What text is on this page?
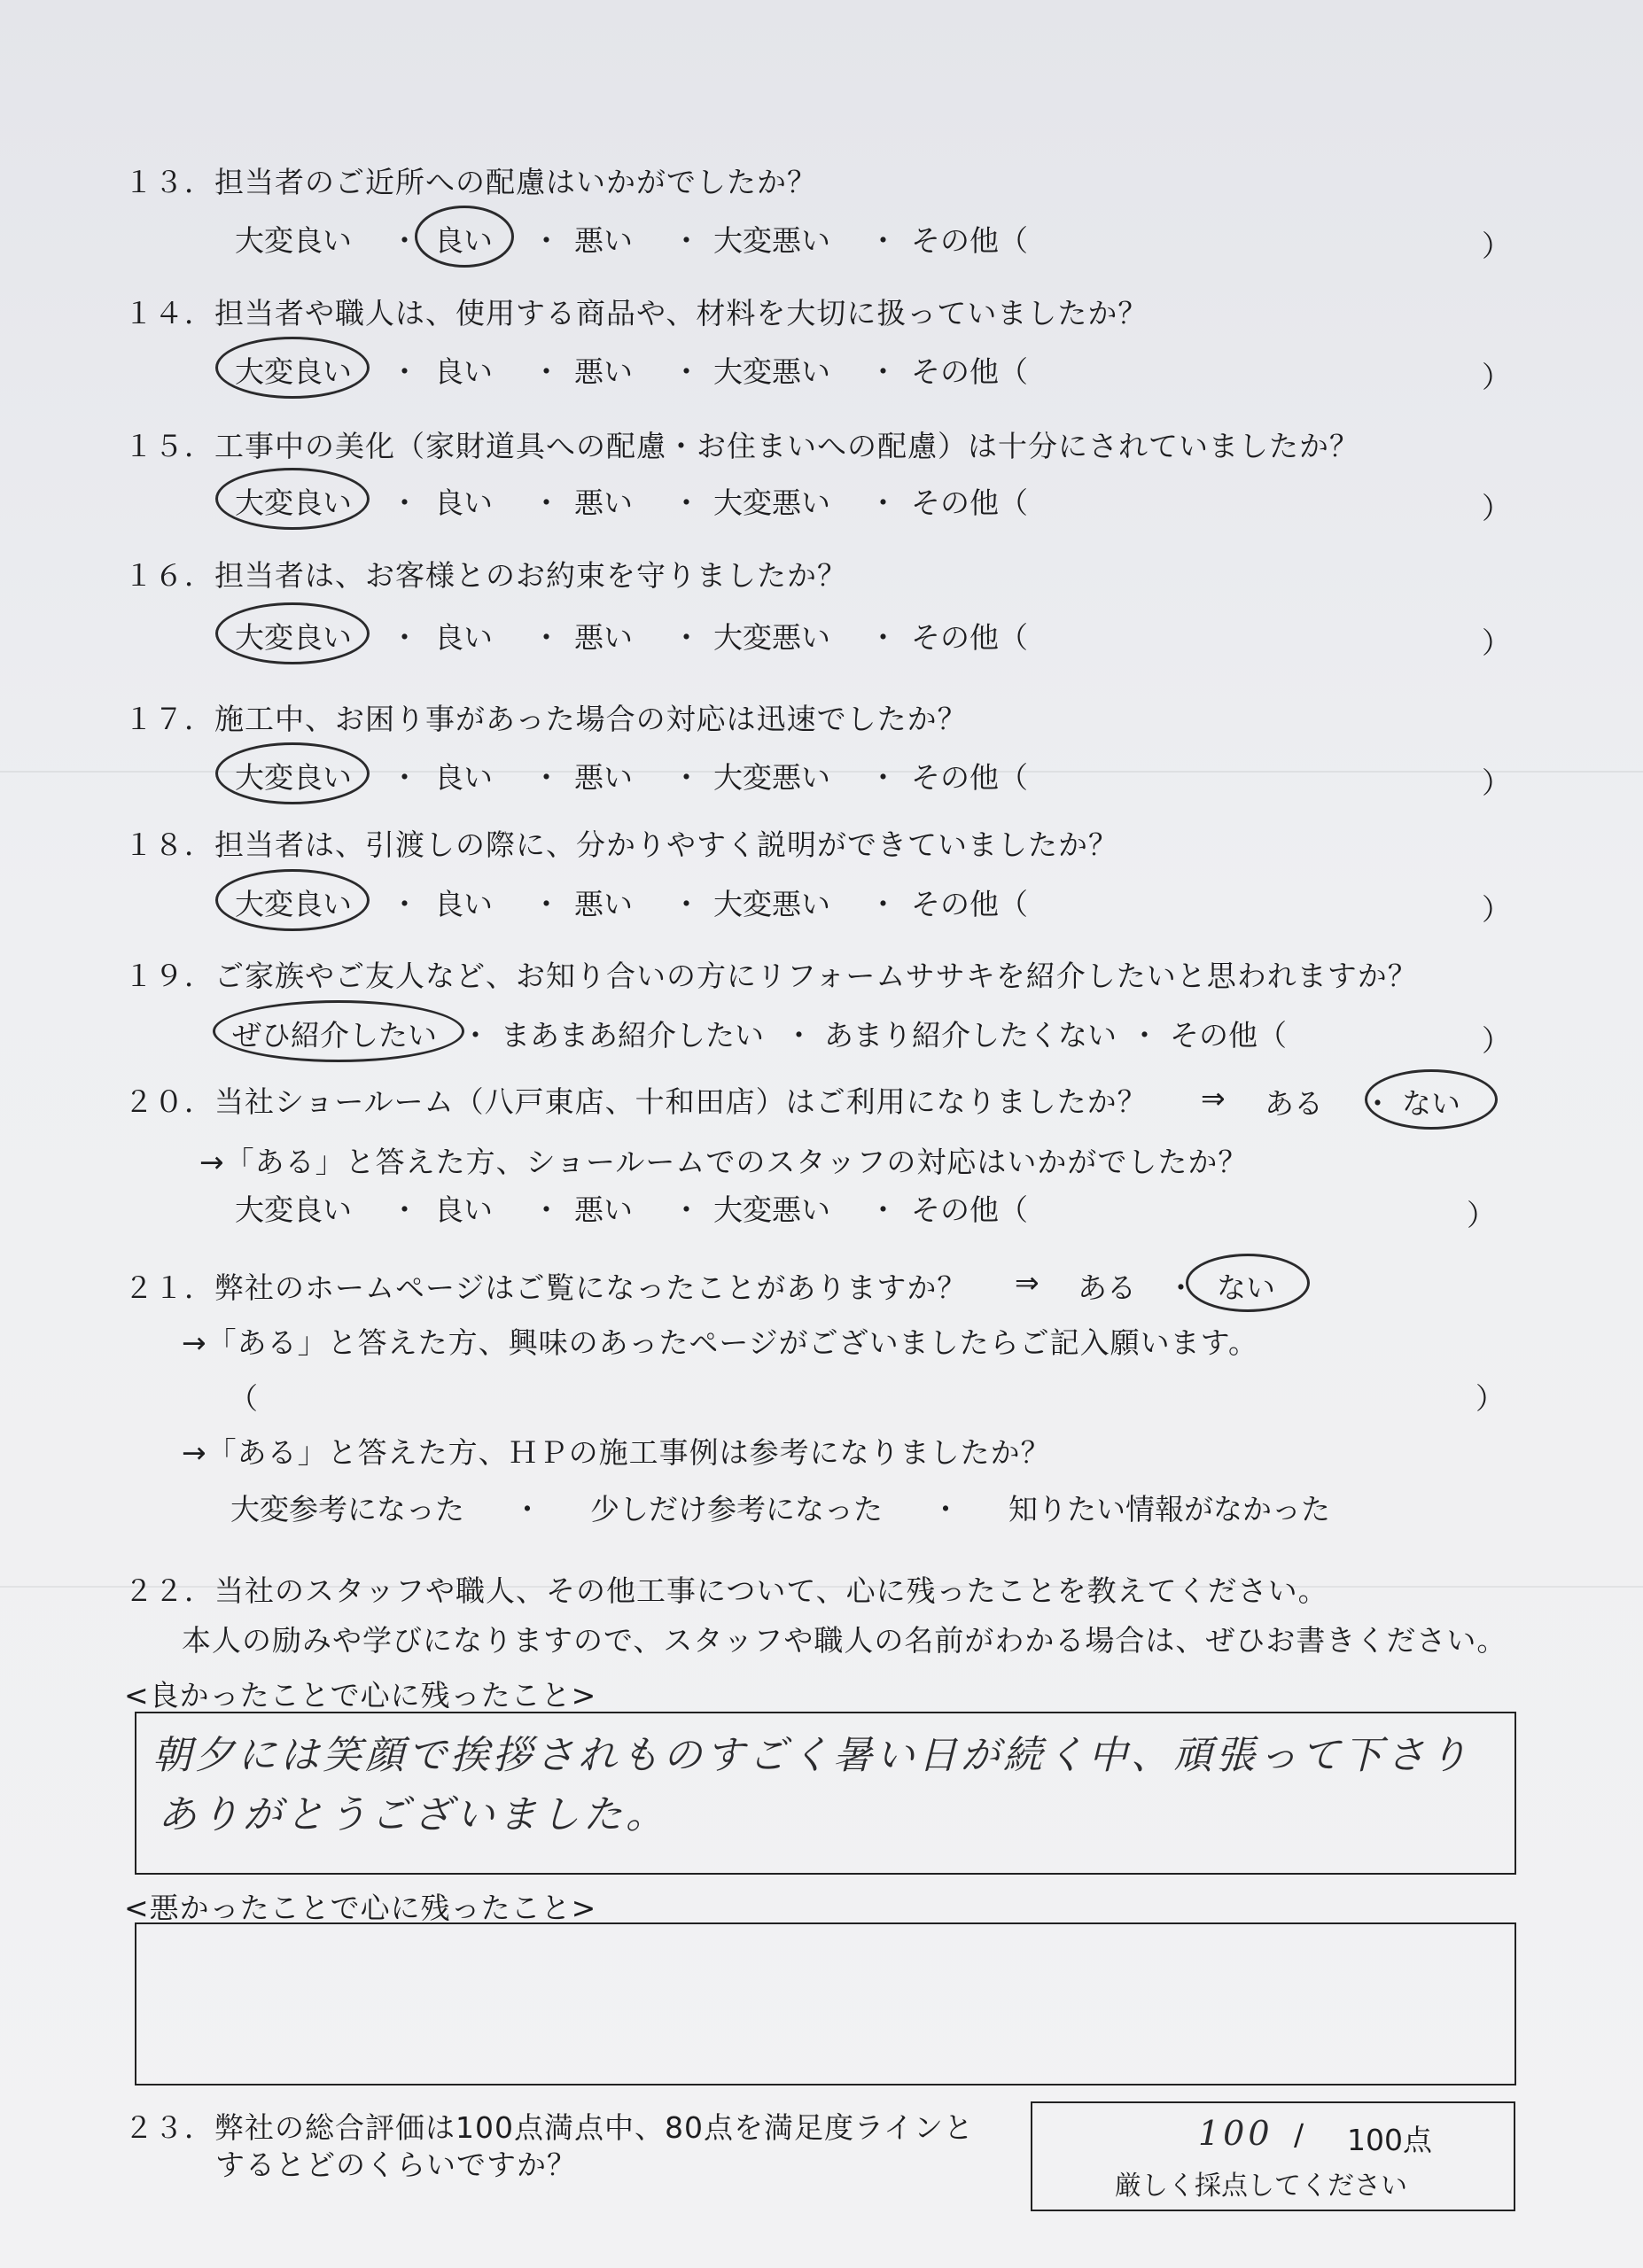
１３．担当者のご近所への配慮はいかがでしたか？
大変良い	良い	悪い	大変悪い	その他（
・	・	・	・	）
１４．担当者や職人は、使用する商品や、材料を大切に扱っていましたか？
大変良い	良い	悪い	大変悪い	その他（
・	・	・	・	）
１５．工事中の美化（家財道具への配慮・お住まいへの配慮）は十分にされていましたか？
大変良い	良い	悪い	大変悪い	その他（
・	・	・	・	）
１６．担当者は、お客様とのお約束を守りましたか？
大変良い	良い	悪い	大変悪い	その他（
・	・	・	・	）
１７．施工中、お困り事があった場合の対応は迅速でしたか？
大変良い	良い	悪い	大変悪い	その他（
・	・	・	・	）
１８．担当者は、引渡しの際に、分かりやすく説明ができていましたか？
大変良い	良い	悪い	大変悪い	その他（
・	・	・	・	）
１９．ご家族やご友人など、お知り合いの方にリフォームササキを紹介したいと思われますか？
ぜひ紹介したい まあまあ紹介したい あまり紹介したくない その他（
・	・	・	）
２０．当社ショールーム（八戸東店、十和田店）はご利用になりましたか？ ⇒ ある ・ ない
→「ある」と答えた方、ショールームでのスタッフの対応はいかがでしたか？
大変良い	良い	悪い	大変悪い	その他（
・	・	・	・	）
２１．弊社のホームページはご覧になったことがありますか？ ⇒ ある ・ ない
→「ある」と答えた方、興味のあったページがございましたらご記入願います。
（	）
→「ある」と答えた方、ＨＰの施工事例は参考になりましたか？
大変参考になった ・ 少しだけ参考になった ・ 知りたい情報がなかった
２２．当社のスタッフや職人、その他工事について、心に残ったことを教えてください。
本人の励みや学びになりますので、スタッフや職人の名前がわかる場合は、ぜひお書きください。
<良かったことで心に残ったこと>
朝夕には笑顔で挨拶されものすごく暑い日が続く中、頑張って下さり
ありがとうございました。
<悪かったことで心に残ったこと>
２３．弊社の総合評価は100点満点中、80点を満足度ラインと
するとどのくらいですか？
100 / 100点
厳しく採点してください
